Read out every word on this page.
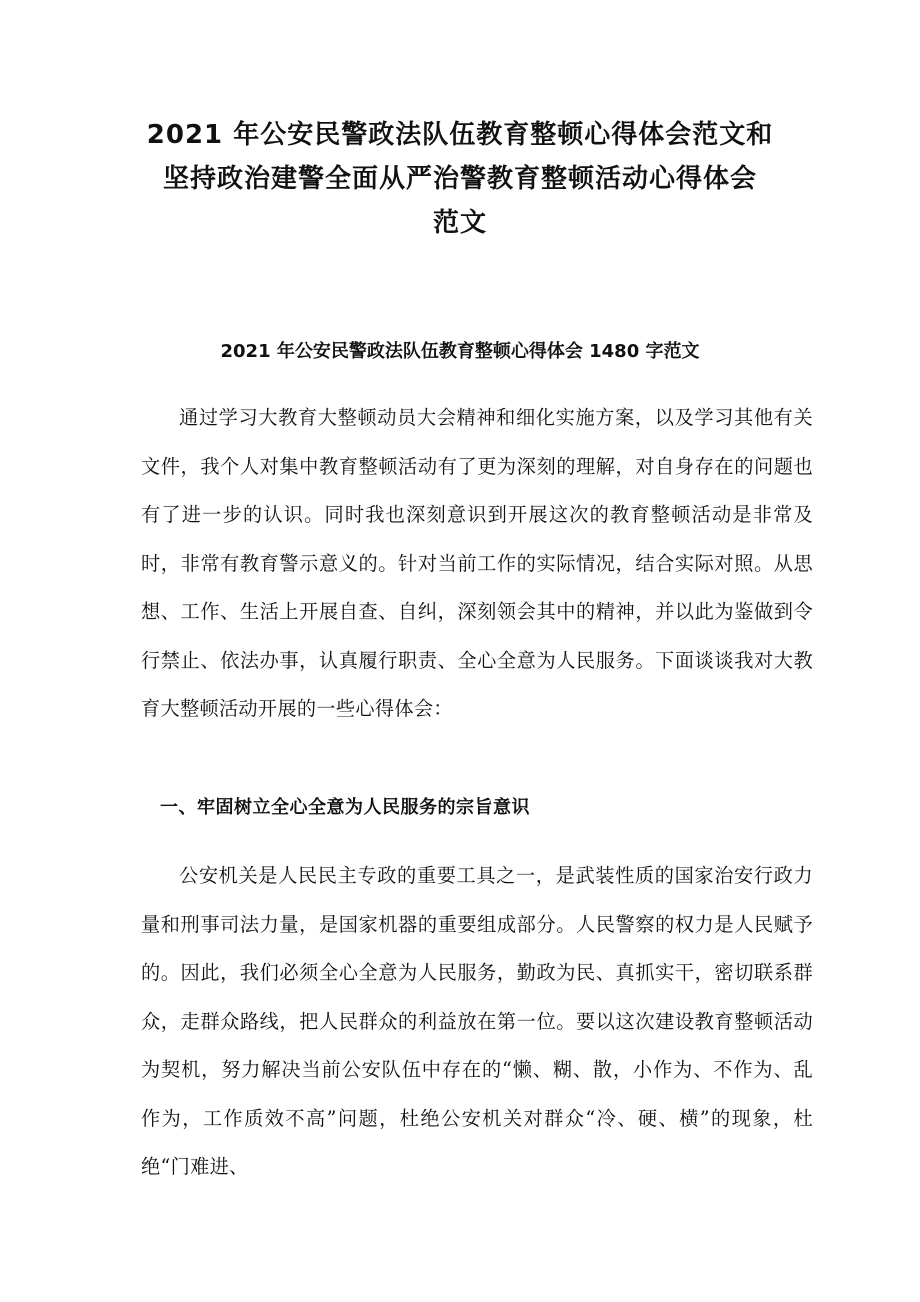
2021 年公安民警政法队伍教育整顿心得体会范文和
坚持政治建警全面从严治警教育整顿活动心得体会
范文
2021 年公安民警政法队伍教育整顿心得体会 1480 字范文

通过学习大教育大整顿动员大会精神和细化实施方案，以及学习其他有关文件，我个人对集中教育整顿活动有了更为深刻的理解，对自身存在的问题也有了进一步的认识。同时我也深刻意识到开展这次的教育整顿活动是非常及时，非常有教育警示意义的。针对当前工作的实际情况，结合实际对照。从思想、工作、生活上开展自查、自纠，深刻领会其中的精神，并以此为鉴做到令行禁止、依法办事，认真履行职责、全心全意为人民服务。下面谈谈我对大教育大整顿活动开展的一些心得体会：

一、牢固树立全心全意为人民服务的宗旨意识

公安机关是人民民主专政的重要工具之一，是武装性质的国家治安行政力量和刑事司法力量，是国家机器的重要组成部分。人民警察的权力是人民赋予的。因此，我们必须全心全意为人民服务，勤政为民、真抓实干，密切联系群众，走群众路线，把人民群众的利益放在第一位。要以这次建设教育整顿活动为契机，努力解决当前公安队伍中存在的“懒、糊、散，小作为、不作为、乱作为，工作质效不高”问题，杜绝公安机关对群众“冷、硬、横”的现象，杜绝“门难进、
